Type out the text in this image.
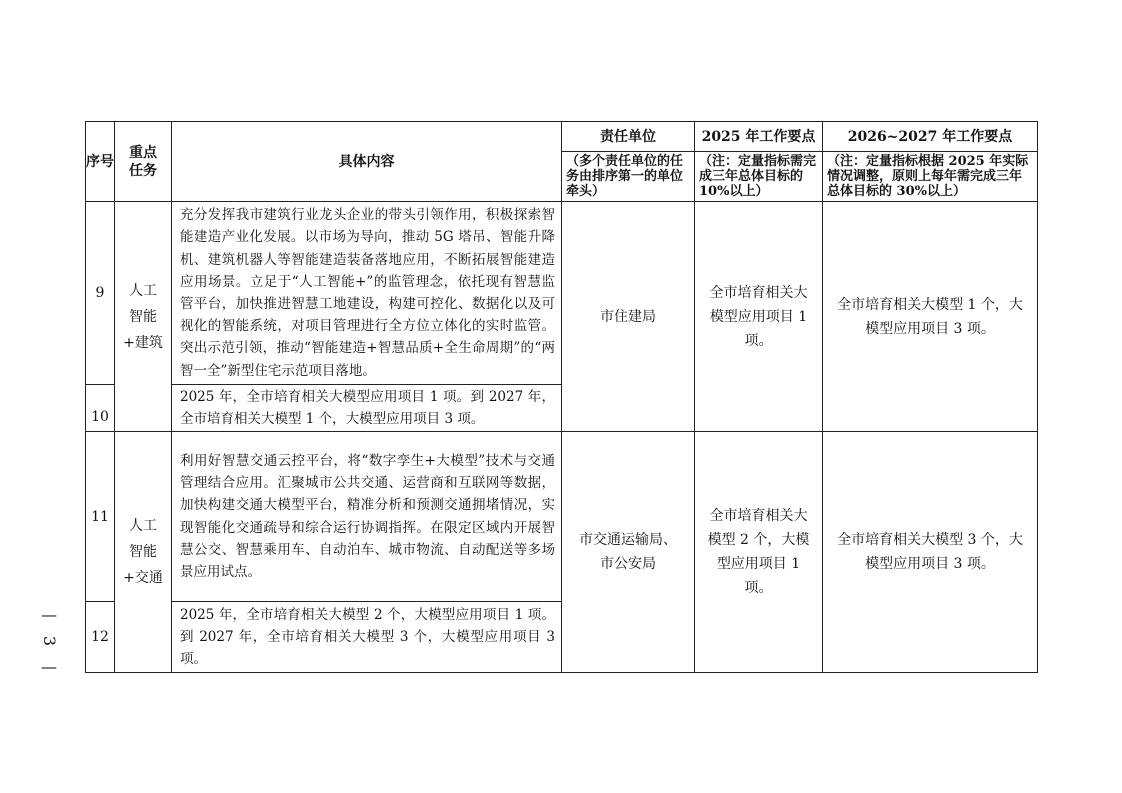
序号	重点任务	具体内容	责任单位	2025 年工作要点	2026~2027 年工作要点
			（多个责任单位的任务由排序第一的单位牵头）	（注：定量指标需完成三年总体目标的 10%以上）	（注：定量指标根据 2025 年实际情况调整，原则上每年需完成三年总体目标的 30%以上）
9	人工智能+建筑	充分发挥我市建筑行业龙头企业的带头引领作用，积极探索智能建造产业化发展。以市场为导向，推动 5G 塔吊、智能升降机、建筑机器人等智能建造装备落地应用，不断拓展智能建造应用场景。立足于“人工智能+”的监管理念，依托现有智慧监管平台，加快推进智慧工地建设，构建可控化、数据化以及可视化的智能系统，对项目管理进行全方位立体化的实时监管。突出示范引领，推动“智能建造+智慧品质+全生命周期”的“两智一全”新型住宅示范项目落地。	市住建局	全市培育相关大模型应用项目 1 项。	全市培育相关大模型 1 个，大模型应用项目 3 项。
10		2025 年，全市培育相关大模型应用项目 1 项。到 2027 年，全市培育相关大模型 1 个，大模型应用项目 3 项。			
11	人工智能+交通	利用好智慧交通云控平台，将“数字孪生+大模型”技术与交通管理结合应用。汇聚城市公共交通、运营商和互联网等数据，加快构建交通大模型平台，精准分析和预测交通拥堵情况，实现智能化交通疏导和综合运行协调指挥。在限定区域内开展智慧公交、智慧乘用车、自动泊车、城市物流、自动配送等多场景应用试点。	市交通运输局、市公安局	全市培育相关大模型 2 个，大模型应用项目 1 项。	全市培育相关大模型 3 个，大模型应用项目 3 项。
12		2025 年，全市培育相关大模型 2 个，大模型应用项目 1 项。到 2027 年，全市培育相关大模型 3 个，大模型应用项目 3 项。			
—
3
—
